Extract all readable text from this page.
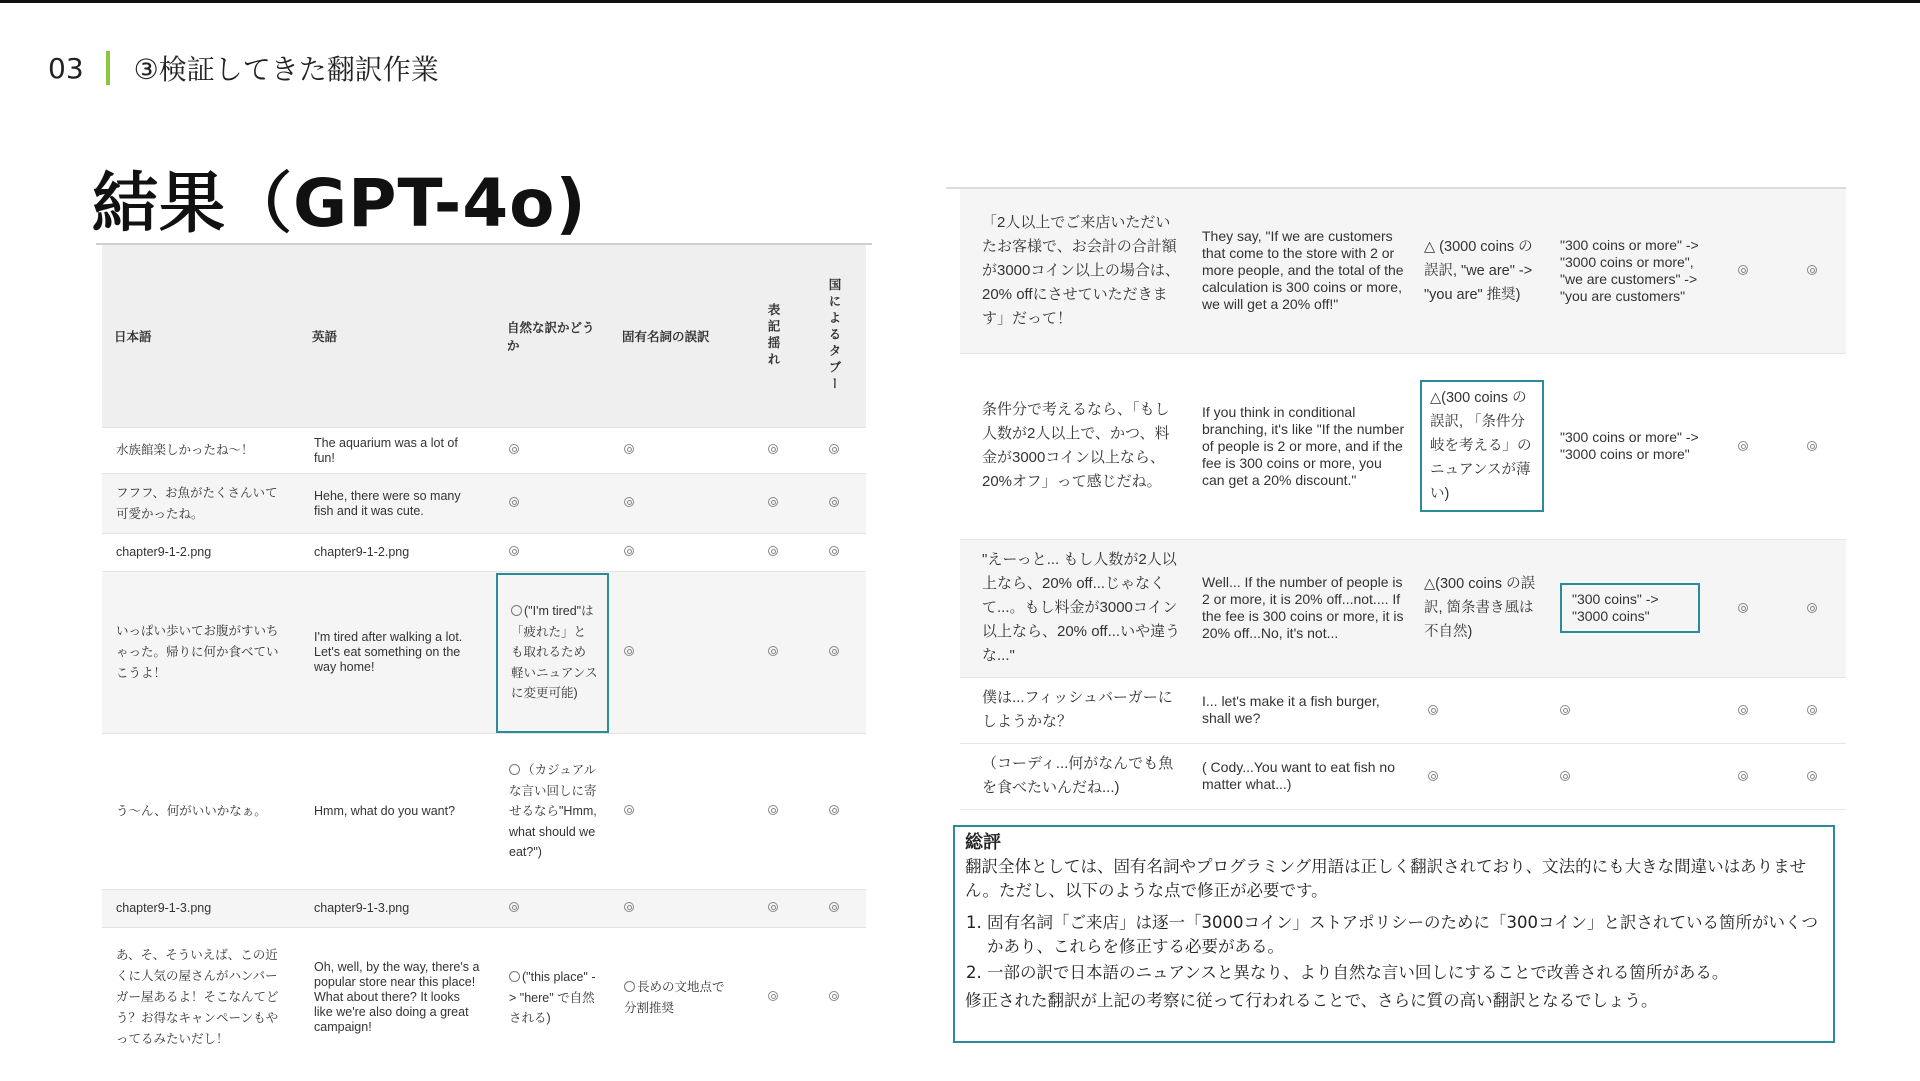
03 ③検証してきた翻訳作業
結果（GPT-4o)
日本語	英語	自然な訳かどうか	固有名詞の誤訳	表記揺れ	国によるタブー
水族館楽しかったね〜！	The aquarium was a lot of fun!				
フフフ、お魚がたくさんいて可愛かったね。	Hehe, there were so many fish and it was cute.				
chapter9-1-2.png	chapter9-1-2.png				
いっぱい歩いてお腹がすいちゃった。帰りに何か食べていこうよ！	I'm tired after walking a lot. Let's eat something on the way home!	("I'm tired"は「疲れた」とも取れるため軽いニュアンスに変更可能)			
う〜ん、何がいいかなぁ。	Hmm, what do you want?	（カジュアルな言い回しに寄せるなら"Hmm, what should we eat?")			
chapter9-1-3.png	chapter9-1-3.png				
あ、そ、そういえば、この近くに人気の屋さんがハンバーガー屋あるよ！そこなんてどう？お得なキャンペーンもやってるみたいだし！	Oh, well, by the way, there's a popular store near this place! What about there? It looks like we're also doing a great campaign!	("this place" -> "here" で自然される)	長めの文地点で分割推奨		
「2人以上でご来店いただいたお客様で、お会計の合計額が3000コイン以上の場合は、20% offにさせていただきます」だって！	They say, "If we are customers that come to the store with 2 or more people, and the total of the calculation is 300 coins or more, we will get a 20% off!"	△ (3000 coins の誤訳, "we are" -> "you are" 推奨)	"300 coins or more" -> "3000 coins or more", "we are customers" -> "you are customers"		
条件分で考えるなら、「もし人数が2人以上で、かつ、料金が3000コイン以上なら、20%オフ」って感じだね。	If you think in conditional branching, it's like "If the number of people is 2 or more, and if the fee is 300 coins or more, you can get a 20% discount."	△(300 coins の誤訳, 「条件分岐を考える」のニュアンスが薄い)	"300 coins or more" -> "3000 coins or more"		
"えーっと... もし人数が2人以上なら、20% off...じゃなくて...。もし料金が3000コイン以上なら、20% off...いや違うな..."	Well... If the number of people is 2 or more, it is 20% off...not.... If the fee is 300 coins or more, it is 20% off...No, it's not...	△(300 coins の誤訳, 箇条書き風は不自然)	"300 coins" -> "3000 coins"		
僕は...フィッシュバーガーにしようかな？	I... let's make it a fish burger, shall we?				
（コーディ...何がなんでも魚を食べたいんだね...)	( Cody...You want to eat fish no matter what...)				
総評

翻訳全体としては、固有名詞やプログラミング用語は正しく翻訳されており、文法的にも大きな間違いはありません。ただし、以下のような点で修正が必要です。

1. 固有名詞「ご来店」は逐一「3000コイン」ストアポリシーのために「300コイン」と訳されている箇所がいくつかあり、これらを修正する必要がある。
2. 一部の訳で日本語のニュアンスと異なり、より自然な言い回しにすることで改善される箇所がある。

修正された翻訳が上記の考察に従って行われることで、さらに質の高い翻訳となるでしょう。
